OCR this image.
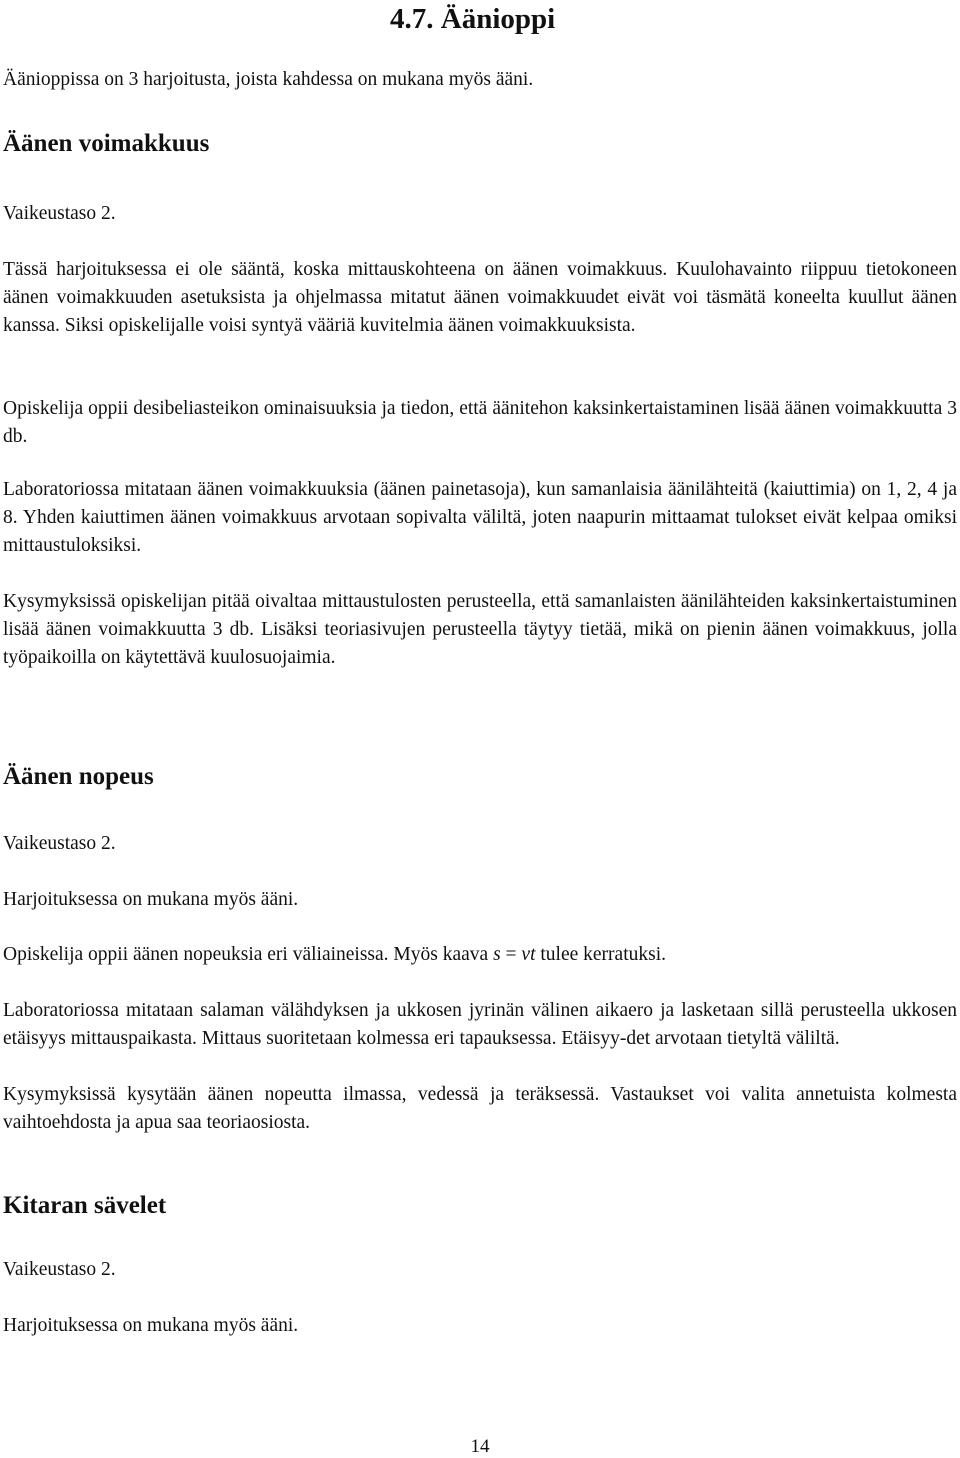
4.7. Äänioppi

Äänioppissa on 3 harjoitusta, joista kahdessa on mukana myös ääni.

Äänen voimakkuus

Vaikeustaso 2.

Tässä harjoituksessa ei ole sääntä, koska mittauskohteena on äänen voimakkuus. Kuulohavainto riippuu tietokoneen äänen voimakkuuden asetuksista ja ohjelmassa mitatut äänen voimakkuudet eivät voi täsmätä koneelta kuullut äänen kanssa. Siksi opiskelijalle voisi syntyä vääriä kuvitelmia äänen voimakkuuksista.

Opiskelija oppii desibeliasteikon ominaisuuksia ja tiedon, että äänitehon kaksinkertaistaminen lisää äänen voimakkuutta 3 db.

Laboratoriossa mitataan äänen voimakkuuksia (äänen painetasoja), kun samanlaisia äänilähteitä (kaiuttimia) on 1, 2, 4 ja 8. Yhden kaiuttimen äänen voimakkuus arvotaan sopivalta väliltä, joten naapurin mittaamat tulokset eivät kelpaa omiksi mittaustuloksiksi.

Kysymyksissä opiskelijan pitää oivaltaa mittaustulosten perusteella, että samanlaisten äänilähteiden kaksinkertaistuminen lisää äänen voimakkuutta 3 db. Lisäksi teoriasivujen perusteella täytyy tietää, mikä on pienin äänen voimakkuus, jolla työpaikoilla on käytettävä kuulosuojaimia.

Äänen nopeus

Vaikeustaso 2.

Harjoituksessa on mukana myös ääni.

Opiskelija oppii äänen nopeuksia eri väliaineissa. Myös kaava s = vt tulee kerratuksi.

Laboratoriossa mitataan salaman välähdyksen ja ukkosen jyrinän välinen aikaero ja lasketaan sillä perusteella ukkosen etäisyys mittauspaikasta. Mittaus suoritetaan kolmessa eri tapauksessa. Etäisyy-det arvotaan tietyltä väliltä.

Kysymyksissä kysytään äänen nopeutta ilmassa, vedessä ja teräksessä. Vastaukset voi valita annetuista kolmesta vaihtoehdosta ja apua saa teoriaosiosta.

Kitaran sävelet

Vaikeustaso 2.

Harjoituksessa on mukana myös ääni.

14
